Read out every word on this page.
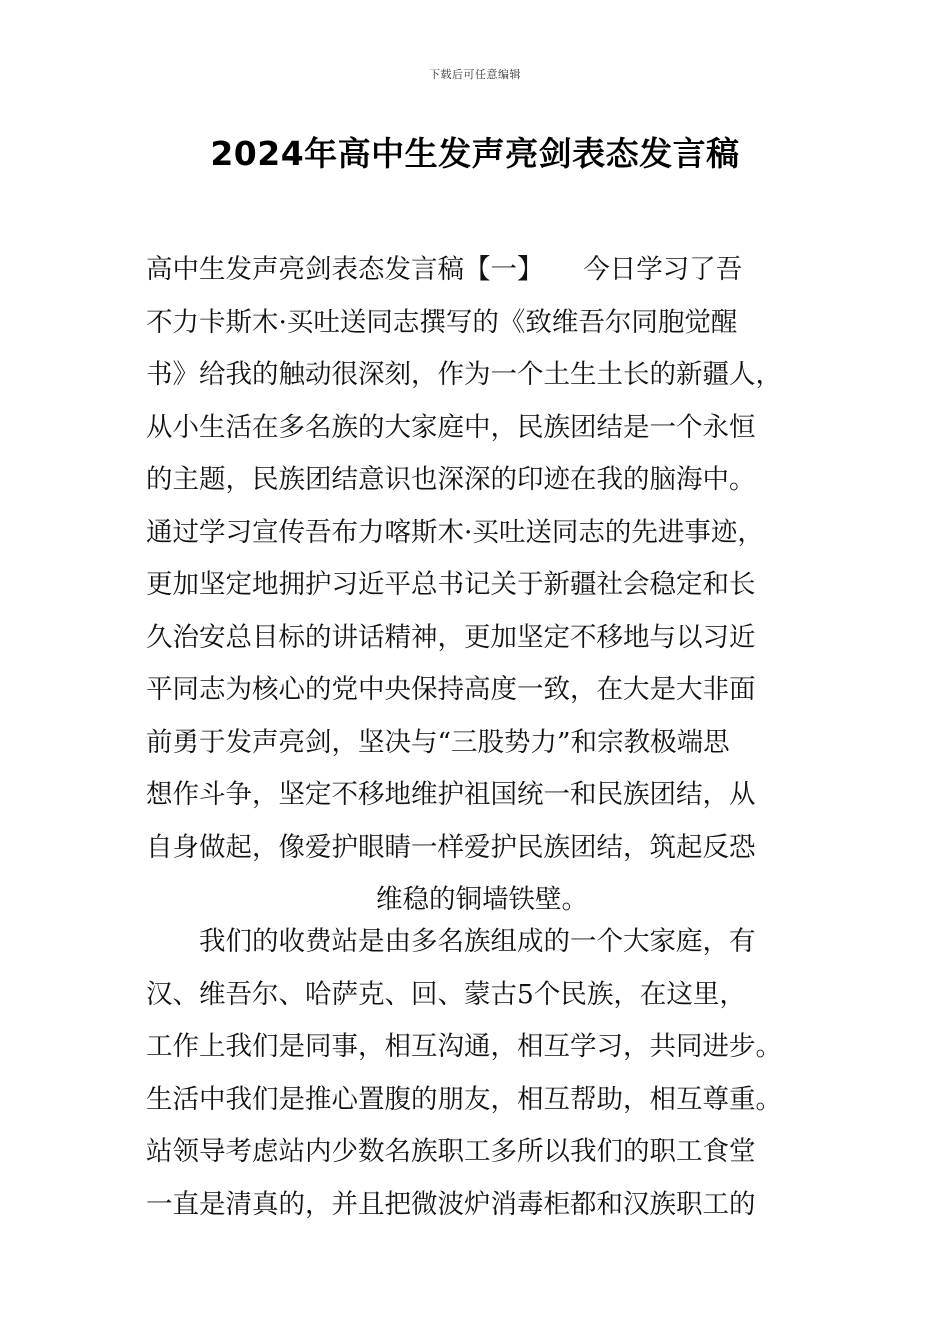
下载后可任意编辑
2024年高中生发声亮剑表态发言稿
高中生发声亮剑表态发言稿【一】　　今日学习了吾
不力卡斯木·买吐送同志撰写的《致维吾尔同胞觉醒
书》给我的触动很深刻，作为一个土生土长的新疆人，
从小生活在多名族的大家庭中，民族团结是一个永恒
的主题，民族团结意识也深深的印迹在我的脑海中。
通过学习宣传吾布力喀斯木·买吐送同志的先进事迹，
更加坚定地拥护习近平总书记关于新疆社会稳定和长
久治安总目标的讲话精神，更加坚定不移地与以习近
平同志为核心的党中央保持高度一致，在大是大非面
前勇于发声亮剑，坚决与“三股势力”和宗教极端思
想作斗争，坚定不移地维护祖国统一和民族团结，从
自身做起，像爱护眼睛一样爱护民族团结，筑起反恐
维稳的铜墙铁壁。
　　我们的收费站是由多名族组成的一个大家庭，有
汉、维吾尔、哈萨克、回、蒙古5个民族，在这里，
工作上我们是同事，相互沟通，相互学习，共同进步。
生活中我们是推心置腹的朋友，相互帮助，相互尊重。
站领导考虑站内少数名族职工多所以我们的职工食堂
一直是清真的，并且把微波炉消毒柜都和汉族职工的
